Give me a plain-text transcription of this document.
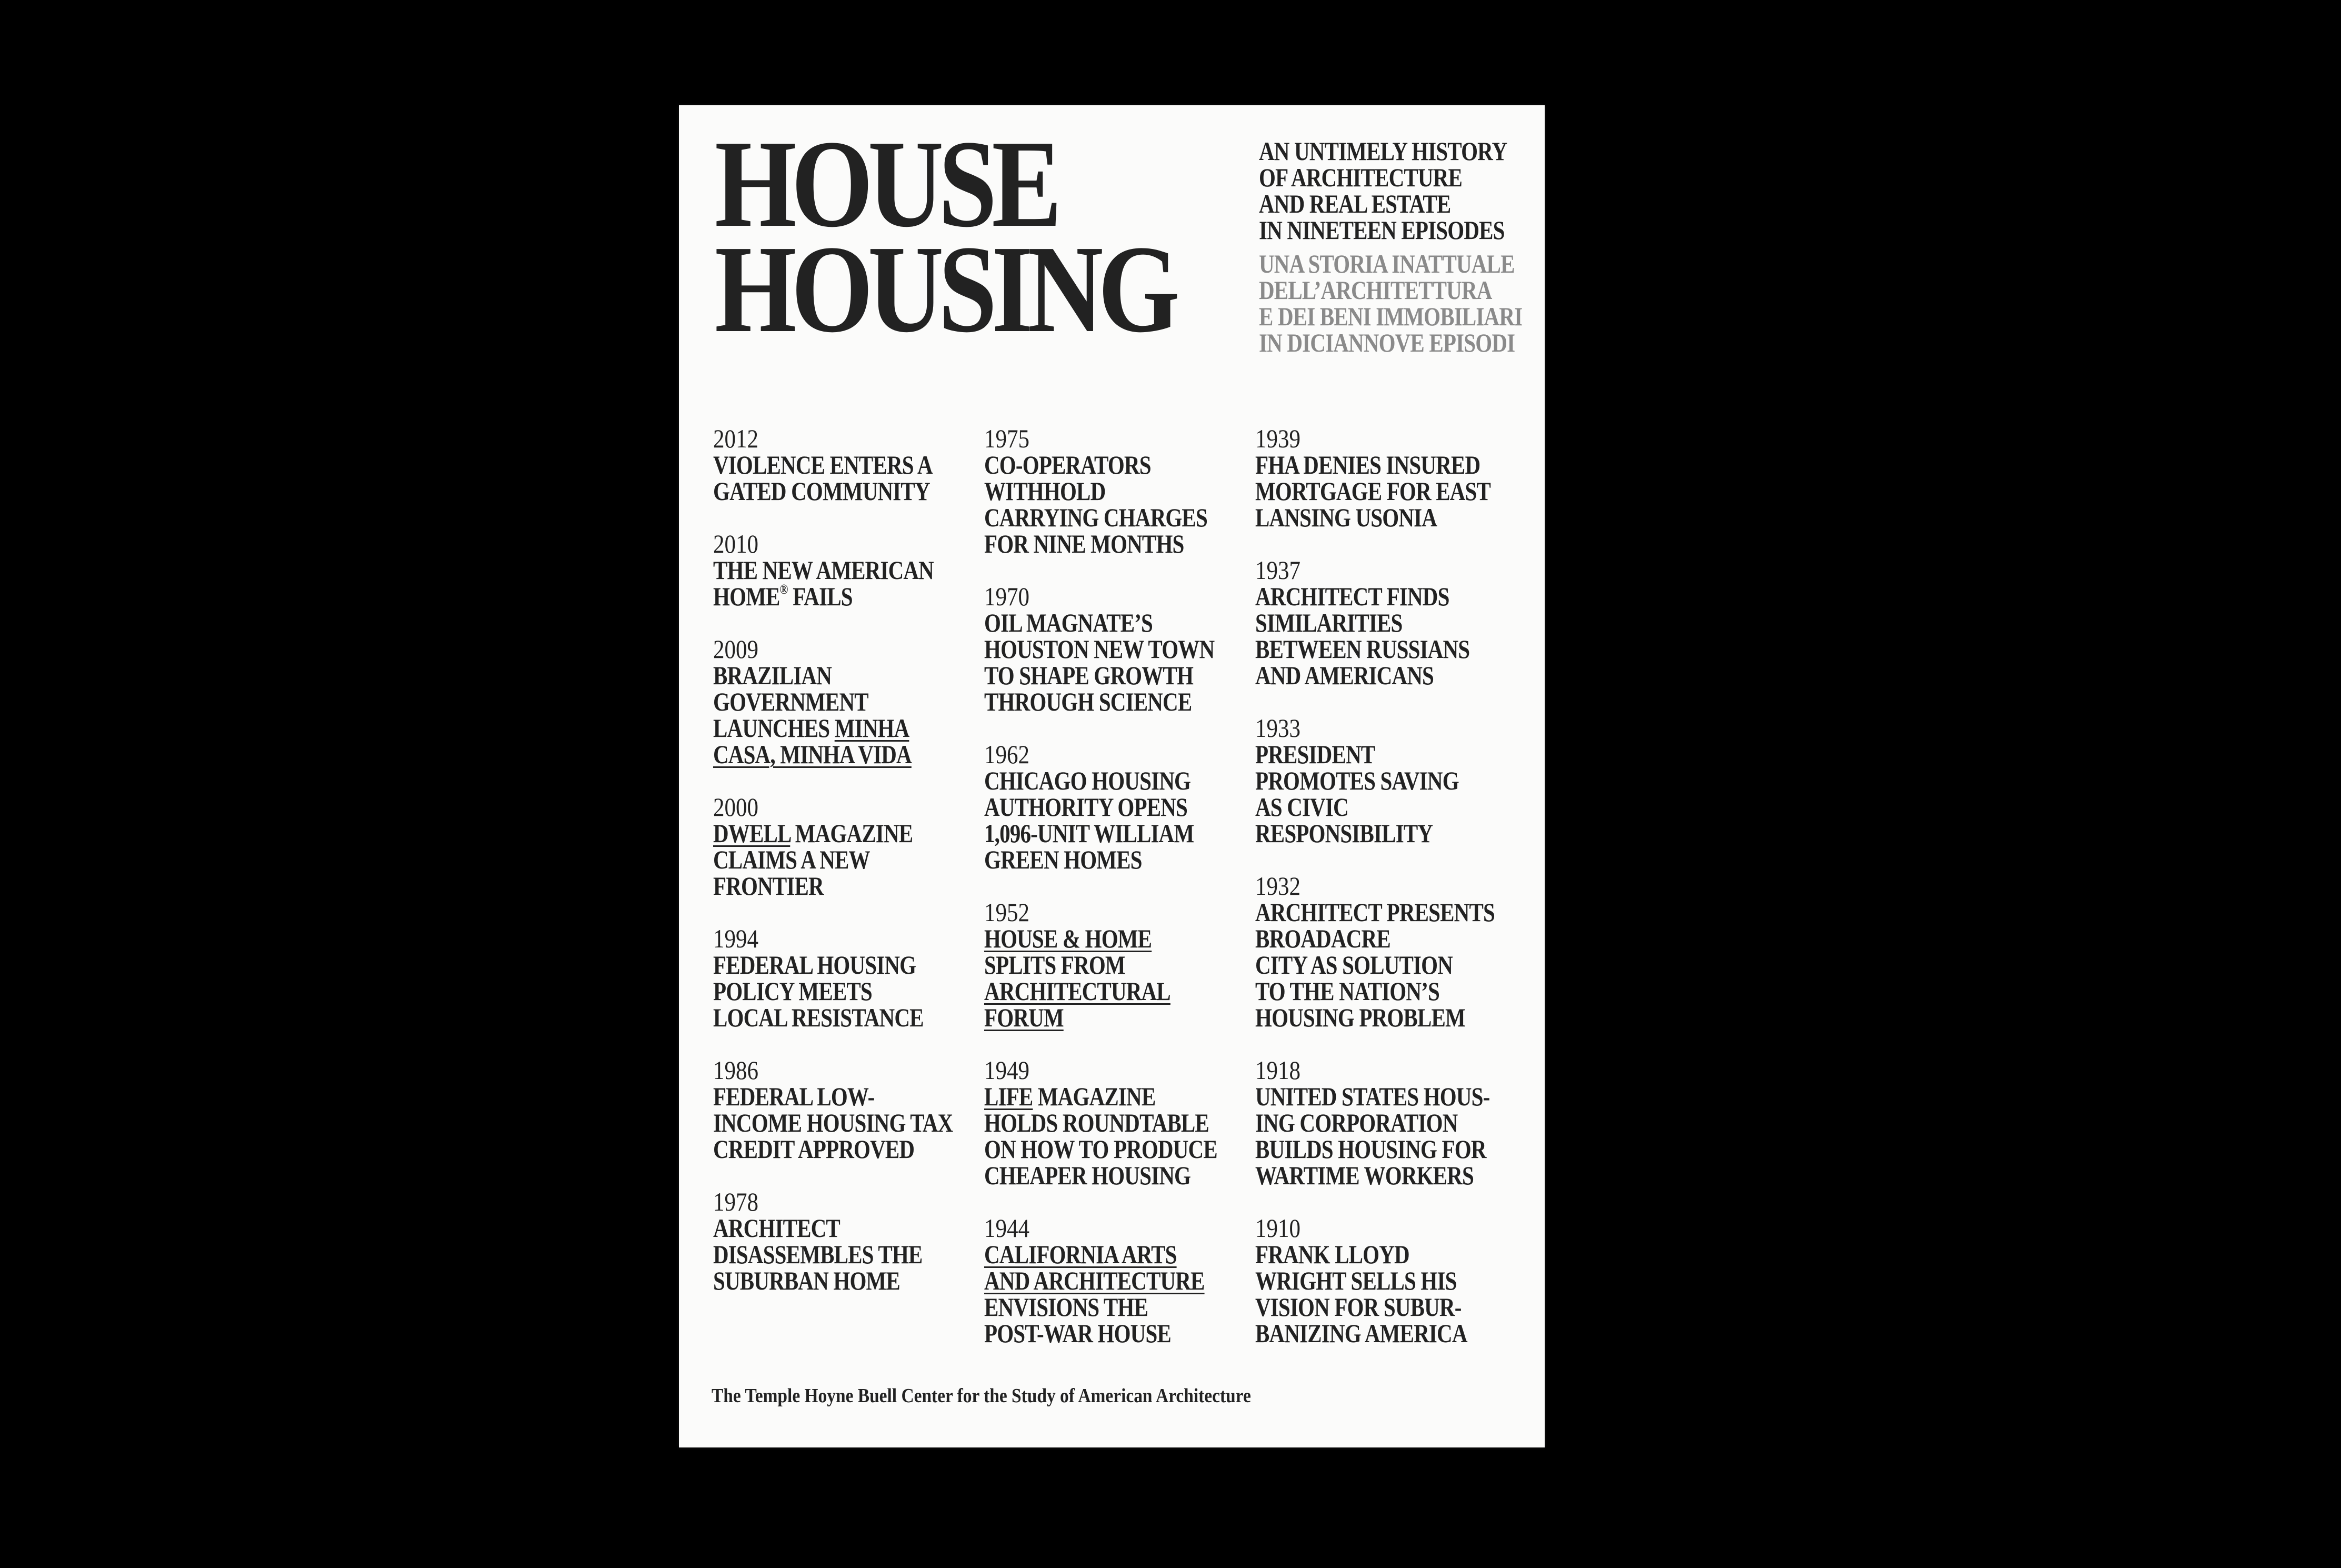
HOUSE
HOUSING
AN UNTIMELY HISTORY
OF ARCHITECTURE
AND REAL ESTATE
IN NINETEEN EPISODES
UNA STORIA INATTUALE
DELL’ARCHITETTURA
E DEI BENI IMMOBILIARI
IN DICIANNOVE EPISODI
2012
VIOLENCE ENTERS A
GATED COMMUNITY
2010
THE NEW AMERICAN
HOME® FAILS
2009
BRAZILIAN
GOVERNMENT
LAUNCHES MINHA
CASA, MINHA VIDA
2000
DWELL MAGAZINE
CLAIMS A NEW
FRONTIER
1994
FEDERAL HOUSING
POLICY MEETS
LOCAL RESISTANCE
1986
FEDERAL LOW-
INCOME HOUSING TAX
CREDIT APPROVED
1978
ARCHITECT
DISASSEMBLES THE
SUBURBAN HOME
1975
CO-OPERATORS
WITHHOLD
CARRYING CHARGES
FOR NINE MONTHS
1970
OIL MAGNATE’S
HOUSTON NEW TOWN
TO SHAPE GROWTH
THROUGH SCIENCE
1962
CHICAGO HOUSING
AUTHORITY OPENS
1,096-UNIT WILLIAM
GREEN HOMES
1952
HOUSE & HOME
SPLITS FROM
ARCHITECTURAL
FORUM
1949
LIFE MAGAZINE
HOLDS ROUNDTABLE
ON HOW TO PRODUCE
CHEAPER HOUSING
1944
CALIFORNIA ARTS
AND ARCHITECTURE
ENVISIONS THE
POST-WAR HOUSE
1939
FHA DENIES INSURED
MORTGAGE FOR EAST
LANSING USONIA
1937
ARCHITECT FINDS
SIMILARITIES
BETWEEN RUSSIANS
AND AMERICANS
1933
PRESIDENT
PROMOTES SAVING
AS CIVIC
RESPONSIBILITY
1932
ARCHITECT PRESENTS
BROADACRE
CITY AS SOLUTION
TO THE NATION’S
HOUSING PROBLEM
1918
UNITED STATES HOUS-
ING CORPORATION
BUILDS HOUSING FOR
WARTIME WORKERS
1910
FRANK LLOYD
WRIGHT SELLS HIS
VISION FOR SUBUR-
BANIZING AMERICA
The Temple Hoyne Buell Center for the Study of American Architecture
